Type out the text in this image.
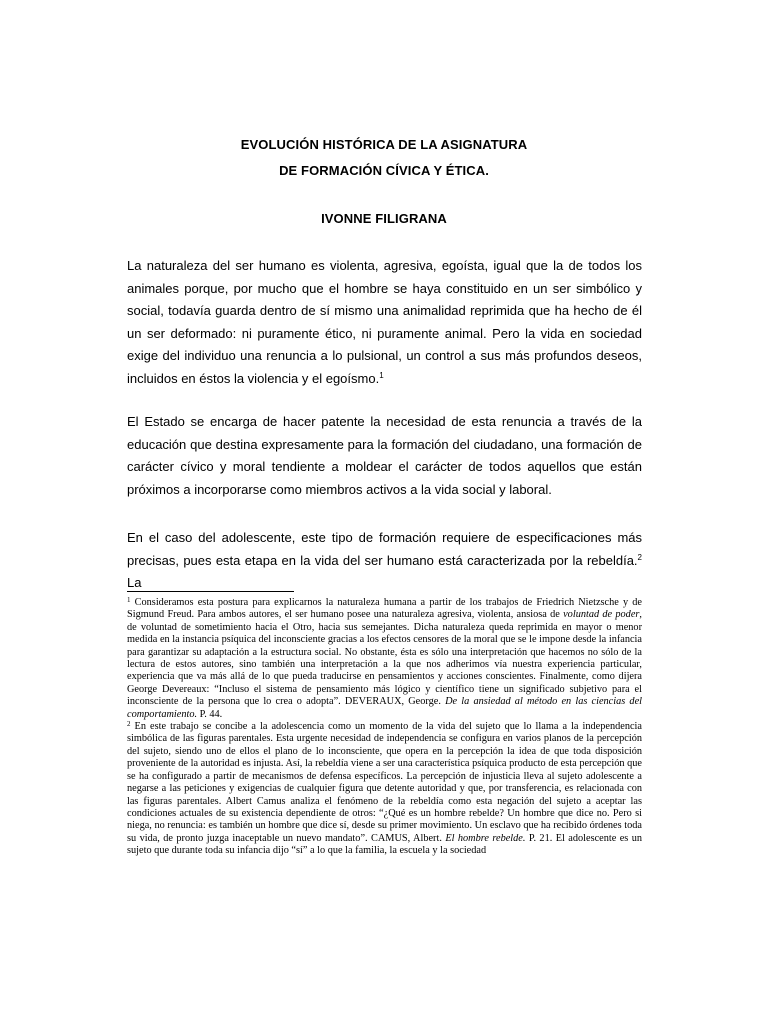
EVOLUCIÓN HISTÓRICA DE LA ASIGNATURA
DE FORMACIÓN CÍVICA Y ÉTICA.
IVONNE FILIGRANA

La naturaleza del ser humano es violenta, agresiva, egoísta, igual que la de todos los animales porque, por mucho que el hombre se haya constituido en un ser simbólico y social, todavía guarda dentro de sí mismo una animalidad reprimida que ha hecho de él un ser deformado: ni puramente ético, ni puramente animal. Pero la vida en sociedad exige del individuo una renuncia a lo pulsional, un control a sus más profundos deseos, incluidos en éstos la violencia y el egoísmo.$^1$

El Estado se encarga de hacer patente la necesidad de esta renuncia a través de la educación que destina expresamente para la formación del ciudadano, una formación de carácter cívico y moral tendiente a moldear el carácter de todos aquellos que están próximos a incorporarse como miembros activos a la vida social y laboral.

En el caso del adolescente, este tipo de formación requiere de especificaciones más precisas, pues esta etapa en la vida del ser humano está caracterizada por la rebeldía.$^2$ La

$^1$ Consideramos esta postura para explicarnos la naturaleza humana a partir de los trabajos de Friedrich Nietzsche y de Sigmund Freud. Para ambos autores, el ser humano posee una naturaleza agresiva, violenta, ansiosa de voluntad de poder, de voluntad de sometimiento hacia el Otro, hacia sus semejantes. Dicha naturaleza queda reprimida en mayor o menor medida en la instancia psíquica del inconsciente gracias a los efectos censores de la moral que se le impone desde la infancia para garantizar su adaptación a la estructura social. No obstante, ésta es sólo una interpretación que hacemos no sólo de la lectura de estos autores, sino también una interpretación a la que nos adherimos vía nuestra experiencia particular, experiencia que va más allá de lo que pueda traducirse en pensamientos y acciones conscientes. Finalmente, como dijera George Devereaux: “Incluso el sistema de pensamiento más lógico y científico tiene un significado subjetivo para el inconsciente de la persona que lo crea o adopta”. DEVERAUX, George. De la ansiedad al método en las ciencias del comportamiento. P. 44.

$^2$ En este trabajo se concibe a la adolescencia como un momento de la vida del sujeto que lo llama a la independencia simbólica de las figuras parentales. Esta urgente necesidad de independencia se configura en varios planos de la percepción del sujeto, siendo uno de ellos el plano de lo inconsciente, que opera en la percepción la idea de que toda disposición proveniente de la autoridad es injusta. Así, la rebeldía viene a ser una característica psíquica producto de esta percepción que se ha configurado a partir de mecanismos de defensa específicos. La percepción de injusticia lleva al sujeto adolescente a negarse a las peticiones y exigencias de cualquier figura que detente autoridad y que, por transferencia, es relacionada con las figuras parentales. Albert Camus analiza el fenómeno de la rebeldía como esta negación del sujeto a aceptar las condiciones actuales de su existencia dependiente de otros: “¿Qué es un hombre rebelde? Un hombre que dice no. Pero si niega, no renuncia: es también un hombre que dice sí, desde su primer movimiento. Un esclavo que ha recibido órdenes toda su vida, de pronto juzga inaceptable un nuevo mandato”. CAMUS, Albert. El hombre rebelde. P. 21. El adolescente es un sujeto que durante toda su infancia dijo “sí” a lo que la familia, la escuela y la sociedad
